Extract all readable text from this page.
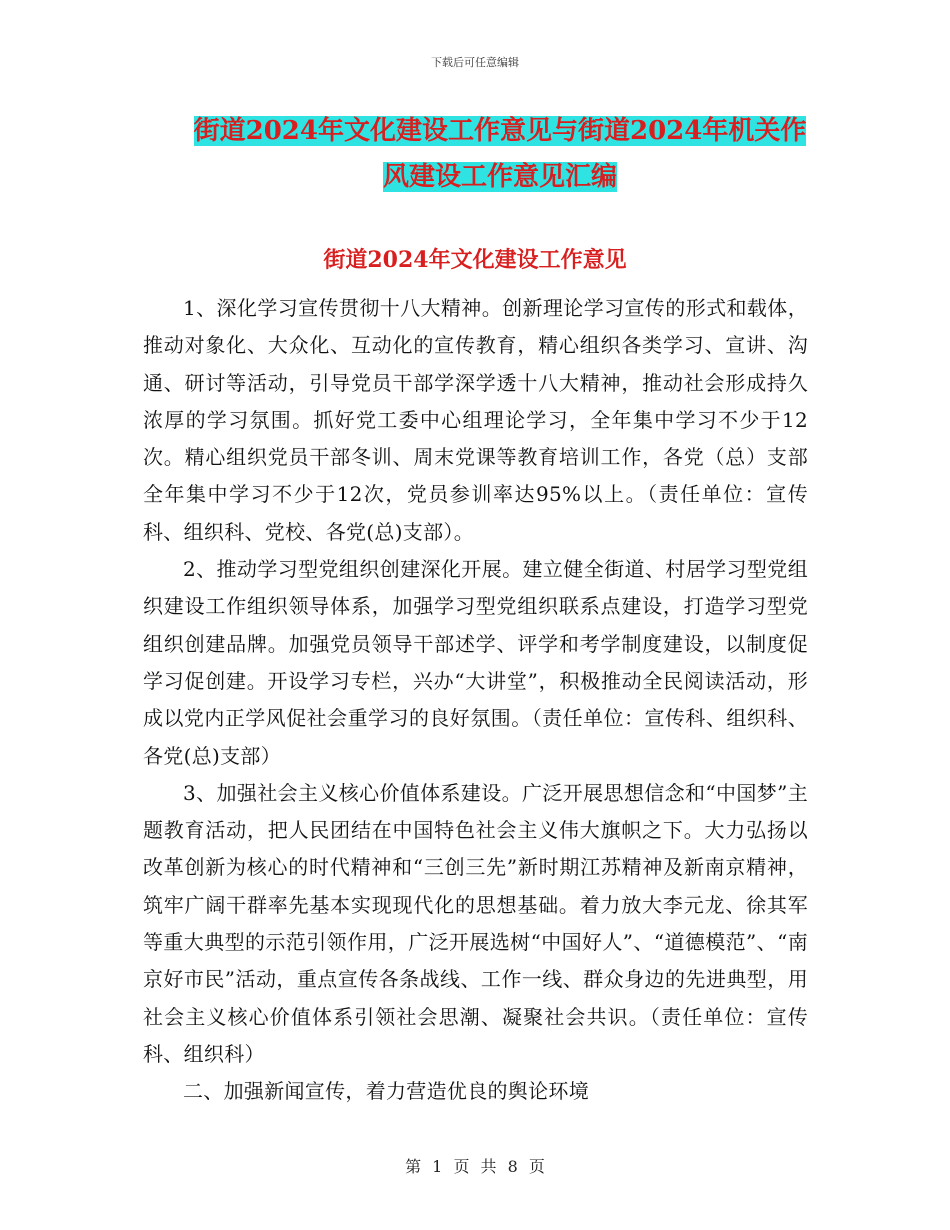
下载后可任意编辑
街道2024年文化建设工作意见与街道2024年机关作
风建设工作意见汇编
街道2024年文化建设工作意见

1、深化学习宣传贯彻十八大精神。创新理论学习宣传的形式和载体，推动对象化、大众化、互动化的宣传教育，精心组织各类学习、宣讲、沟通、研讨等活动，引导党员干部学深学透十八大精神，推动社会形成持久浓厚的学习氛围。抓好党工委中心组理论学习，全年集中学习不少于12次。精心组织党员干部冬训、周末党课等教育培训工作，各党（总）支部全年集中学习不少于12次，党员参训率达95%以上。（责任单位：宣传科、组织科、党校、各党(总)支部）。

2、推动学习型党组织创建深化开展。建立健全街道、村居学习型党组织建设工作组织领导体系，加强学习型党组织联系点建设，打造学习型党组织创建品牌。加强党员领导干部述学、评学和考学制度建设，以制度促学习促创建。开设学习专栏，兴办“大讲堂”，积极推动全民阅读活动，形成以党内正学风促社会重学习的良好氛围。（责任单位：宣传科、组织科、各党(总)支部）

3、加强社会主义核心价值体系建设。广泛开展思想信念和“中国梦”主题教育活动，把人民团结在中国特色社会主义伟大旗帜之下。大力弘扬以改革创新为核心的时代精神和“三创三先”新时期江苏精神及新南京精神，筑牢广阔干群率先基本实现现代化的思想基础。着力放大李元龙、徐其军等重大典型的示范引领作用，广泛开展选树“中国好人”、“道德模范”、“南京好市民”活动，重点宣传各条战线、工作一线、群众身边的先进典型，用社会主义核心价值体系引领社会思潮、凝聚社会共识。（责任单位：宣传科、组织科）

二、加强新闻宣传，着力营造优良的舆论环境

第 1 页 共 8 页
